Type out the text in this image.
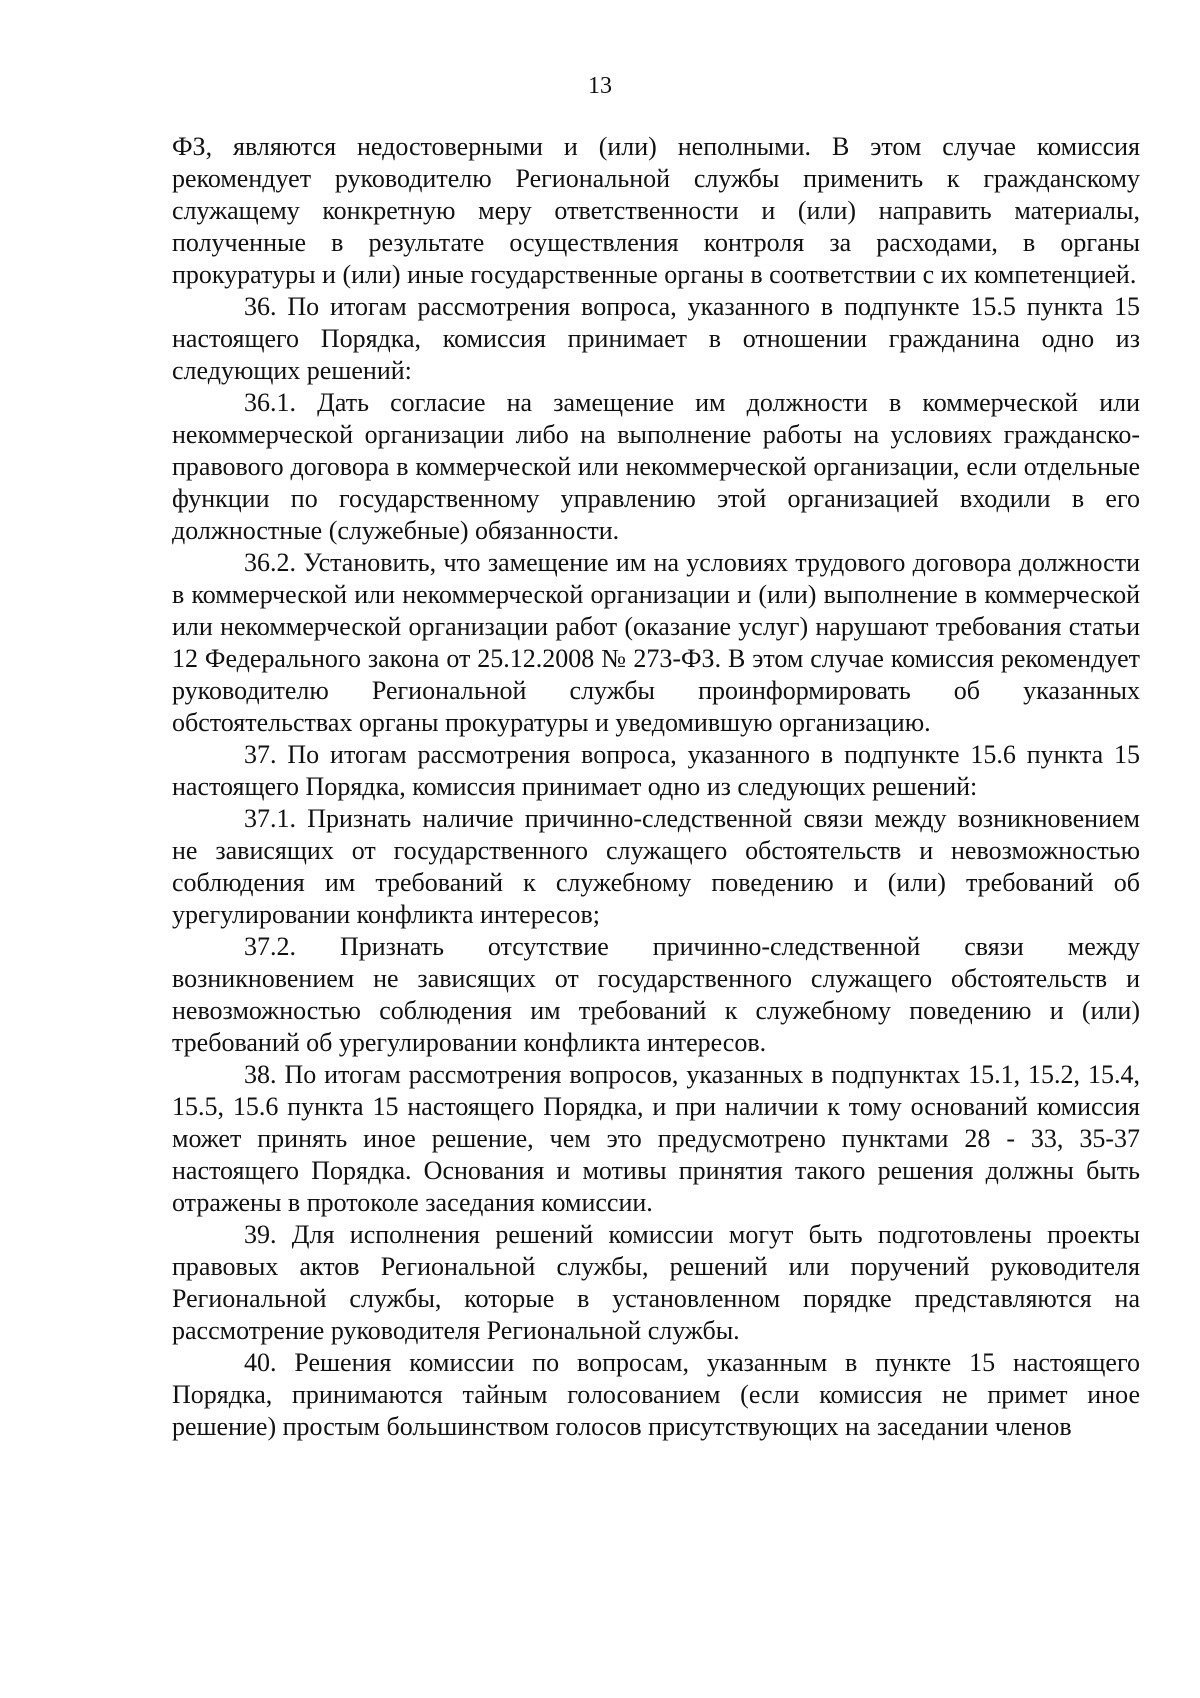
13

ФЗ, являются недостоверными и (или) неполными. В этом случае комиссия рекомендует руководителю Региональной службы применить к гражданскому служащему конкретную меру ответственности и (или) направить материалы, полученные в результате осуществления контроля за расходами, в органы прокуратуры и (или) иные государственные органы в соответствии с их компетенцией.

36. По итогам рассмотрения вопроса, указанного в подпункте 15.5 пункта 15 настоящего Порядка, комиссия принимает в отношении гражданина одно из следующих решений:

36.1. Дать согласие на замещение им должности в коммерческой или некоммерческой организации либо на выполнение работы на условиях гражданско-правового договора в коммерческой или некоммерческой организации, если отдельные функции по государственному управлению этой организацией входили в его должностные (служебные) обязанности.

36.2. Установить, что замещение им на условиях трудового договора должности в коммерческой или некоммерческой организации и (или) выполнение в коммерческой или некоммерческой организации работ (оказание услуг) нарушают требования статьи 12 Федерального закона от 25.12.2008 № 273-ФЗ. В этом случае комиссия рекомендует руководителю Региональной службы проинформировать об указанных обстоятельствах органы прокуратуры и уведомившую организацию.

37. По итогам рассмотрения вопроса, указанного в подпункте 15.6 пункта 15 настоящего Порядка, комиссия принимает одно из следующих решений:

37.1. Признать наличие причинно-следственной связи между возникновением не зависящих от государственного служащего обстоятельств и невозможностью соблюдения им требований к служебному поведению и (или) требований об урегулировании конфликта интересов;

37.2. Признать отсутствие причинно-следственной связи между возникновением не зависящих от государственного служащего обстоятельств и невозможностью соблюдения им требований к служебному поведению и (или) требований об урегулировании конфликта интересов.

38. По итогам рассмотрения вопросов, указанных в подпунктах 15.1, 15.2, 15.4, 15.5, 15.6 пункта 15 настоящего Порядка, и при наличии к тому оснований комиссия может принять иное решение, чем это предусмотрено пунктами 28 - 33, 35-37 настоящего Порядка. Основания и мотивы принятия такого решения должны быть отражены в протоколе заседания комиссии.

39. Для исполнения решений комиссии могут быть подготовлены проекты правовых актов Региональной службы, решений или поручений руководителя Региональной службы, которые в установленном порядке представляются на рассмотрение руководителя Региональной службы.

40. Решения комиссии по вопросам, указанным в пункте 15 настоящего Порядка, принимаются тайным голосованием (если комиссия не примет иное решение) простым большинством голосов присутствующих на заседании членов
